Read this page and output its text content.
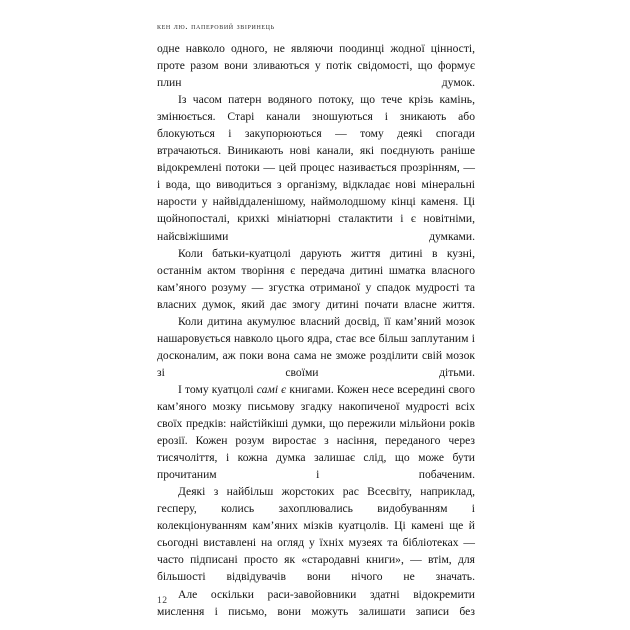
кен лю. паперовий звіринець

одне навколо одного, не являючи поодинці жодної цінності, проте разом вони зливаються у потік свідомості, що формує плин думок.

Із часом патерн водяного потоку, що тече крізь камінь, змінюється. Старі канали зношуються і зникають або блокуються і закупорюються — тому деякі спогади втрачаються. Виникають нові канали, які поєднують раніше відокремлені потоки — цей процес називається прозрінням, — і вода, що виводиться з організму, відкладає нові мінеральні нарости у найвіддаленішому, наймолодшому кінці каменя. Ці щойнопосталі, крихкі мініатюрні сталактити і є новітніми, найсвіжішими думками.

Коли батьки-куатцолі дарують життя дитині в кузні, останнім актом творіння є передача дитині шматка власного кам’яного розуму — згустка отриманої у спадок мудрості та власних думок, який дає змогу дитині почати власне життя.

Коли дитина акумулює власний досвід, її кам’яний мозок нашаровується навколо цього ядра, стає все більш заплутаним і досконалим, аж поки вона сама не зможе розділити свій мозок зі своїми дітьми.

І тому куатцолі самі є книгами. Кожен несе всередині свого кам’яного мозку письмову згадку накопиченої мудрості всіх своїх предків: найстійкіші думки, що пережили мільйони років ерозії. Кожен розум виростає з насіння, переданого через тисячоліття, і кожна думка залишає слід, що може бути прочитаним і побаченим.

Деякі з найбільш жорстоких рас Всесвіту, наприклад, гесперу, колись захоплювались видобуванням і колекціонуванням кам’яних мізків куатцолів. Ці камені ще й сьогодні виставлені на огляд у їхніх музеях та бібліотеках — часто підписані просто як «стародавні книги», — втім, для більшості відвідувачів вони нічого не значать.

Але оскільки раси-завойовники здатні відокремити мислення і письмо, вони можуть залишати записи без

12
